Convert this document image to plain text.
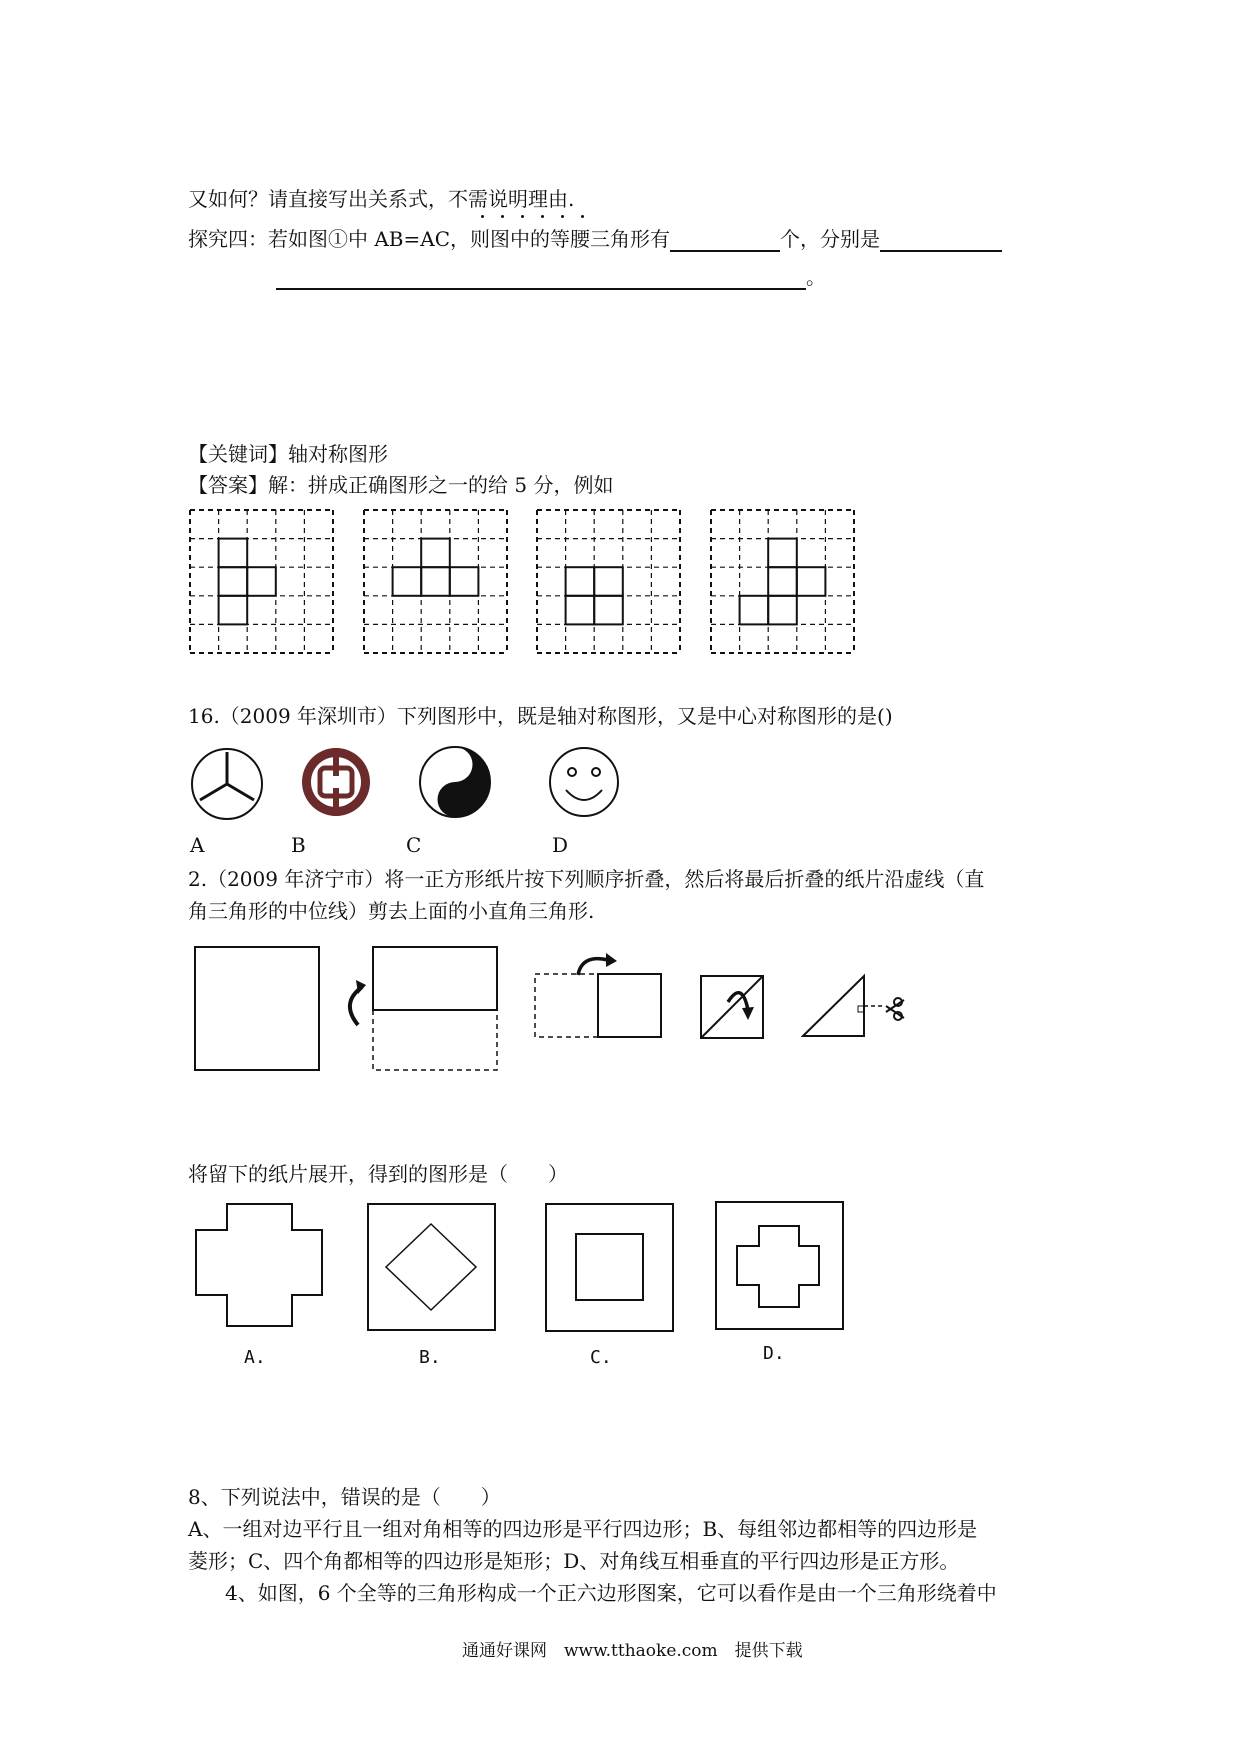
又如何？请直接写出关系式，不需说明理由.
探究四：若如图①中 AB=AC，则图中的等腰三角形有	个，分别是
。
【关键词】轴对称图形
【答案】解：拼成正确图形之一的给 5 分，例如
16.（2009 年深圳市）下列图形中，既是轴对称图形，又是中心对称图形的是()
A	B	C	D
2.（2009 年济宁市）将一正方形纸片按下列顺序折叠，然后将最后折叠的纸片沿虚线（直
角三角形的中位线）剪去上面的小直角三角形.
将留下的纸片展开，得到的图形是（　　）
A.	B.	C.	D.
8、下列说法中，错误的是（　　）
A、一组对边平行且一组对角相等的四边形是平行四边形；B、每组邻边都相等的四边形是
菱形；C、四个角都相等的四边形是矩形；D、对角线互相垂直的平行四边形是正方形。
4、如图，6 个全等的三角形构成一个正六边形图案，它可以看作是由一个三角形绕着中
通通好课网　www.tthaoke.com　提供下载
